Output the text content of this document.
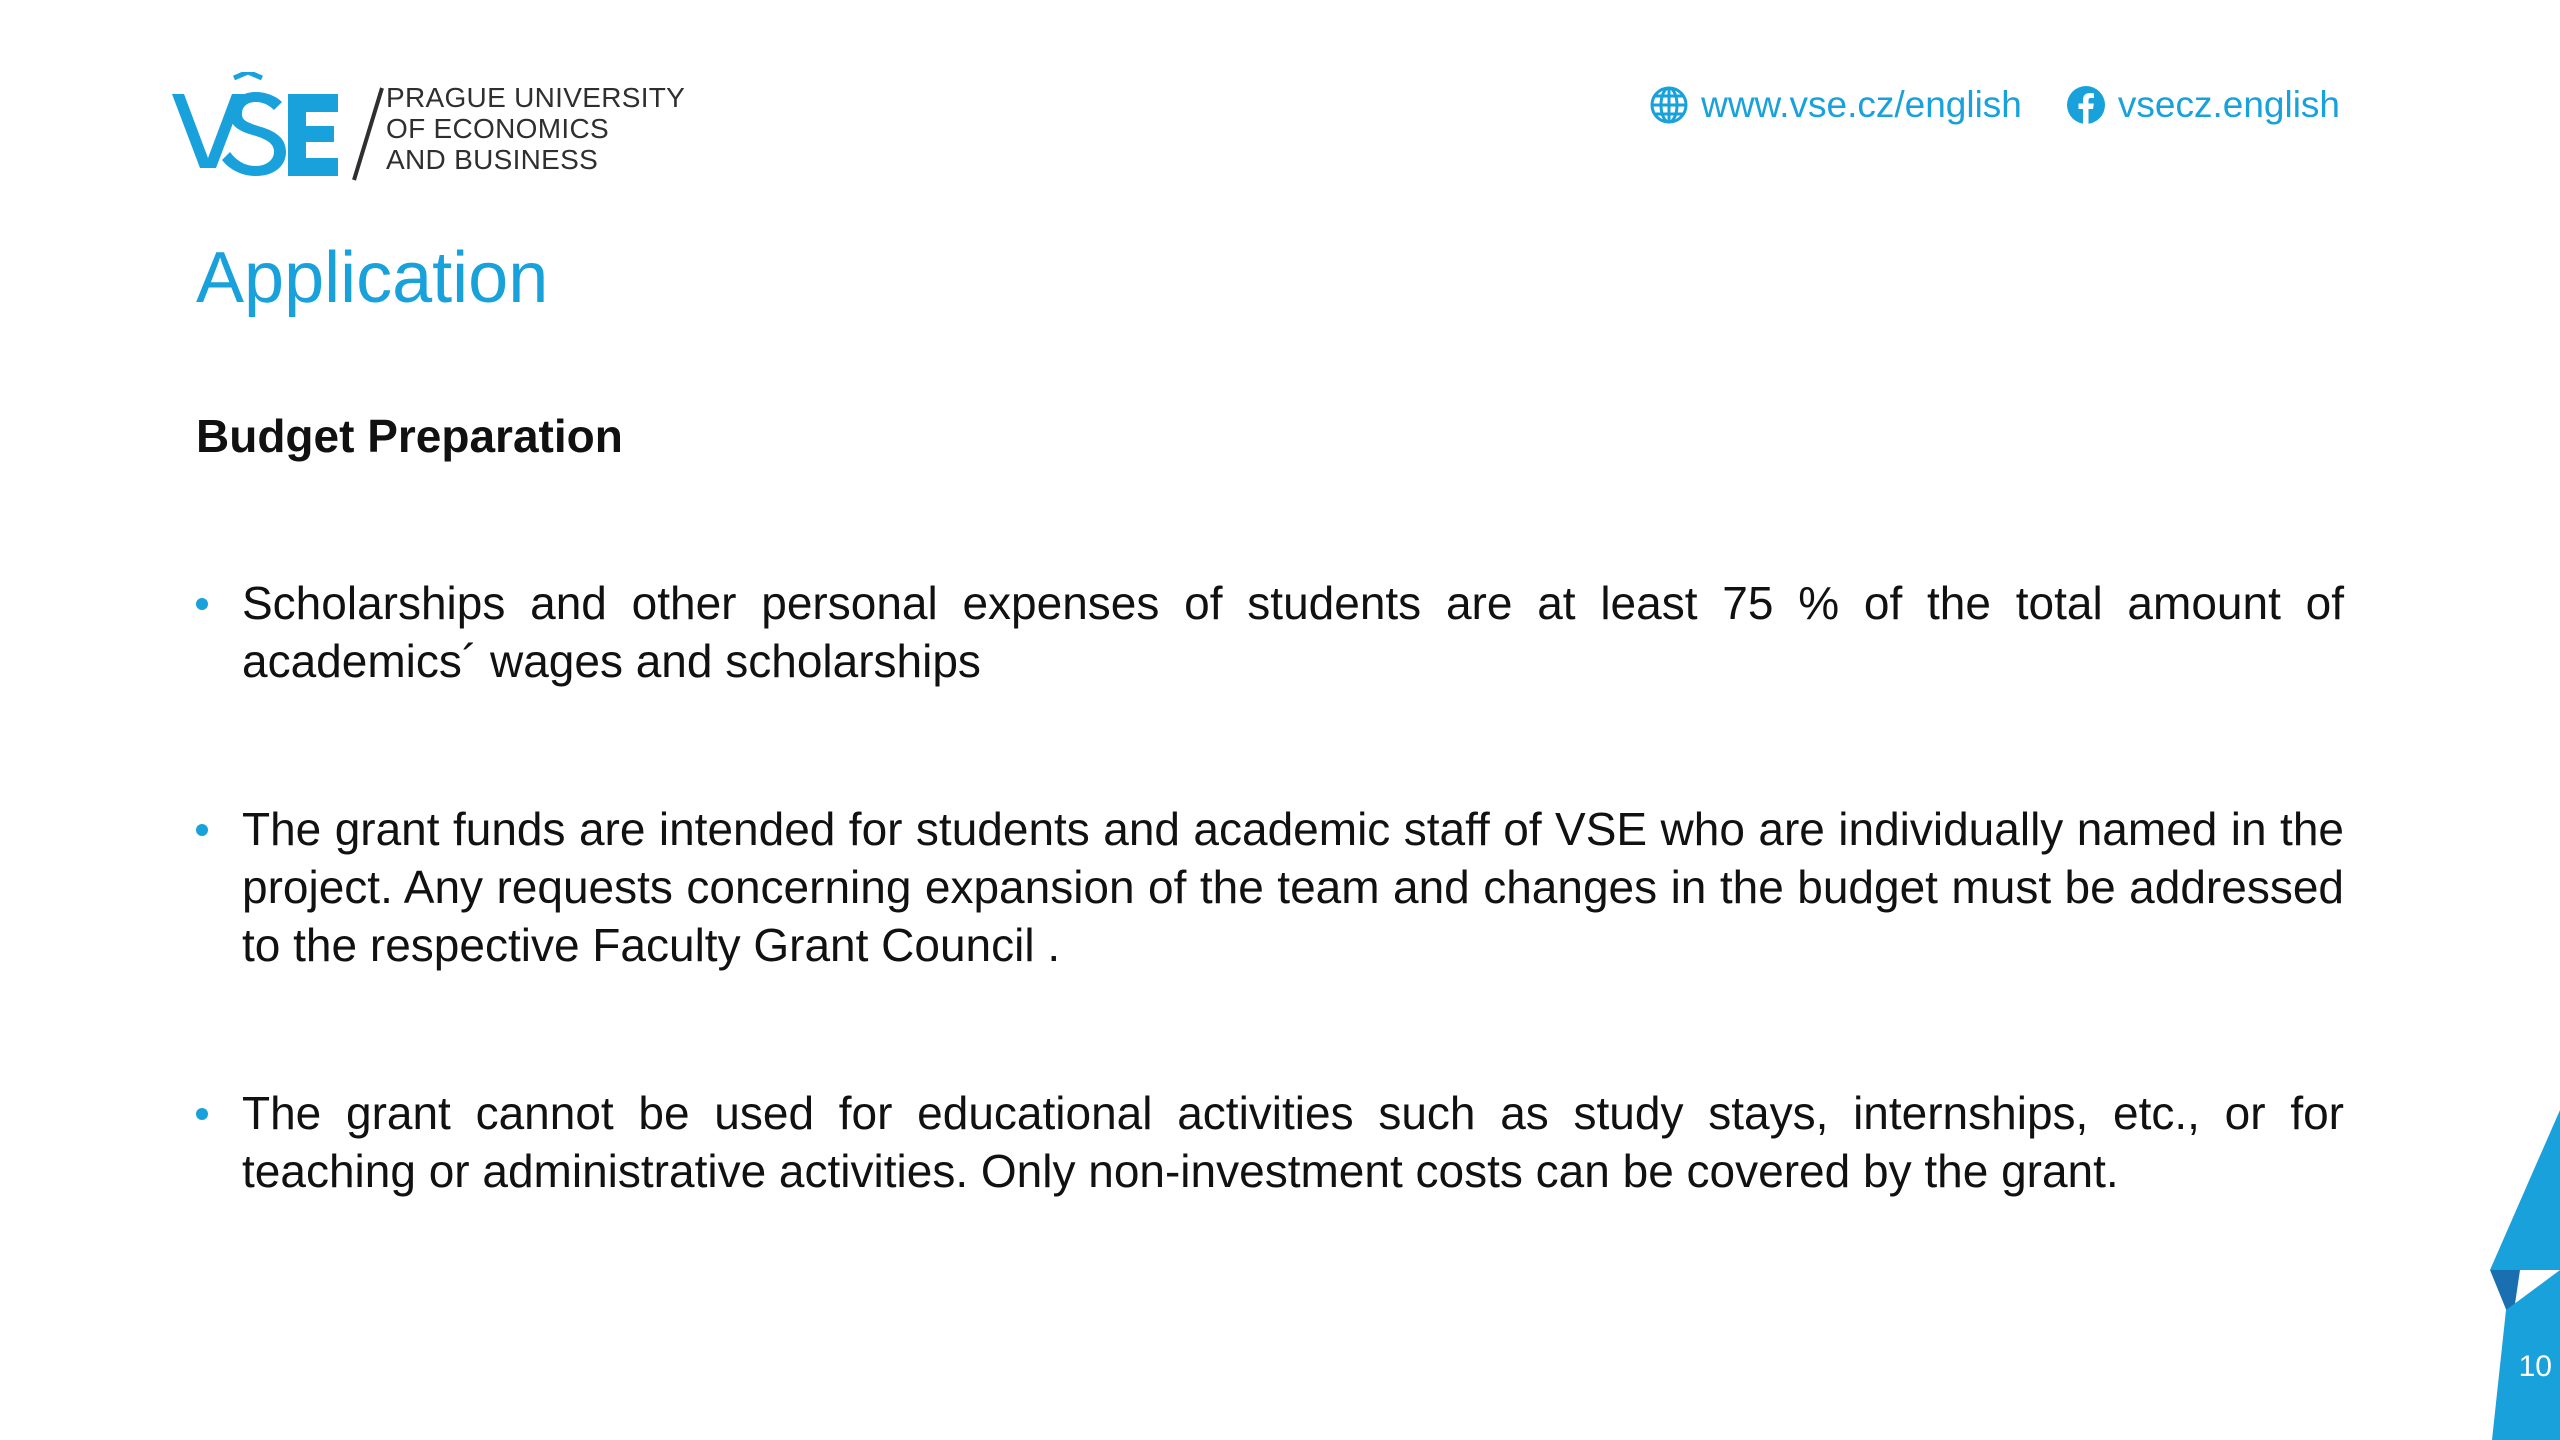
PRAGUE UNIVERSITY
OF ECONOMICS
AND BUSINESS
www.vse.cz/english	vsecz.english
Application
Budget Preparation
Scholarships and other personal expenses of students are at least 75 % of the total amount of academics´ wages and scholarships
The grant funds are intended for students and academic staff of VSE who are individually named in the project. Any requests concerning expansion of the team and changes in the budget must be addressed to the respective Faculty Grant Council .
The grant cannot be used for educational activities such as study stays, internships, etc., or for teaching or administrative activities. Only non-investment costs can be covered by the grant.
10
